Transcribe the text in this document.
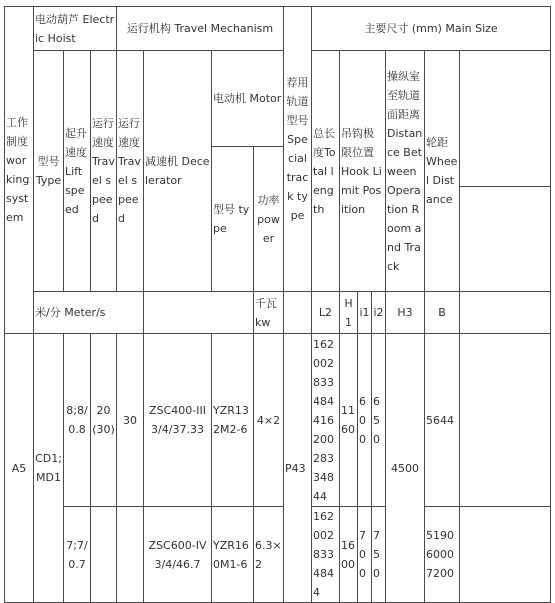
工作制度working system	电动葫芦 Electric Hoist			运行机构 Travel Mechanism				荐用轨道型号Special track type	主要尺寸 (mm) Main Size						
	型号Type	起升速度Lift speed	运行速度Travel speed	运行速度Travel speed	减速机 Decelerator	电动机 Motor			总长度Total length	吊钩极限位置 Hook Limit Position			操纵室至轨道面距离Distance Between Operation Room and Track	轮距Wheel Distance	
						型号 type	功率power								

	米/分 Meter/s						千瓦kw		L2	H1	i1	i2	H3	B	
A5	CD1;MD1	8;8/0.8	20(30)	30	ZSC400-III 3/4/37.33	YZR132M2-6	4×2	P43	16200283348441620028334844	1160	600	650	4500	5644	
		7;7/0.7			ZSC600-IV 3/4/46.7	YZR160M1-6	6.3×2		1620028334844	1600	700	750		519060007200	
